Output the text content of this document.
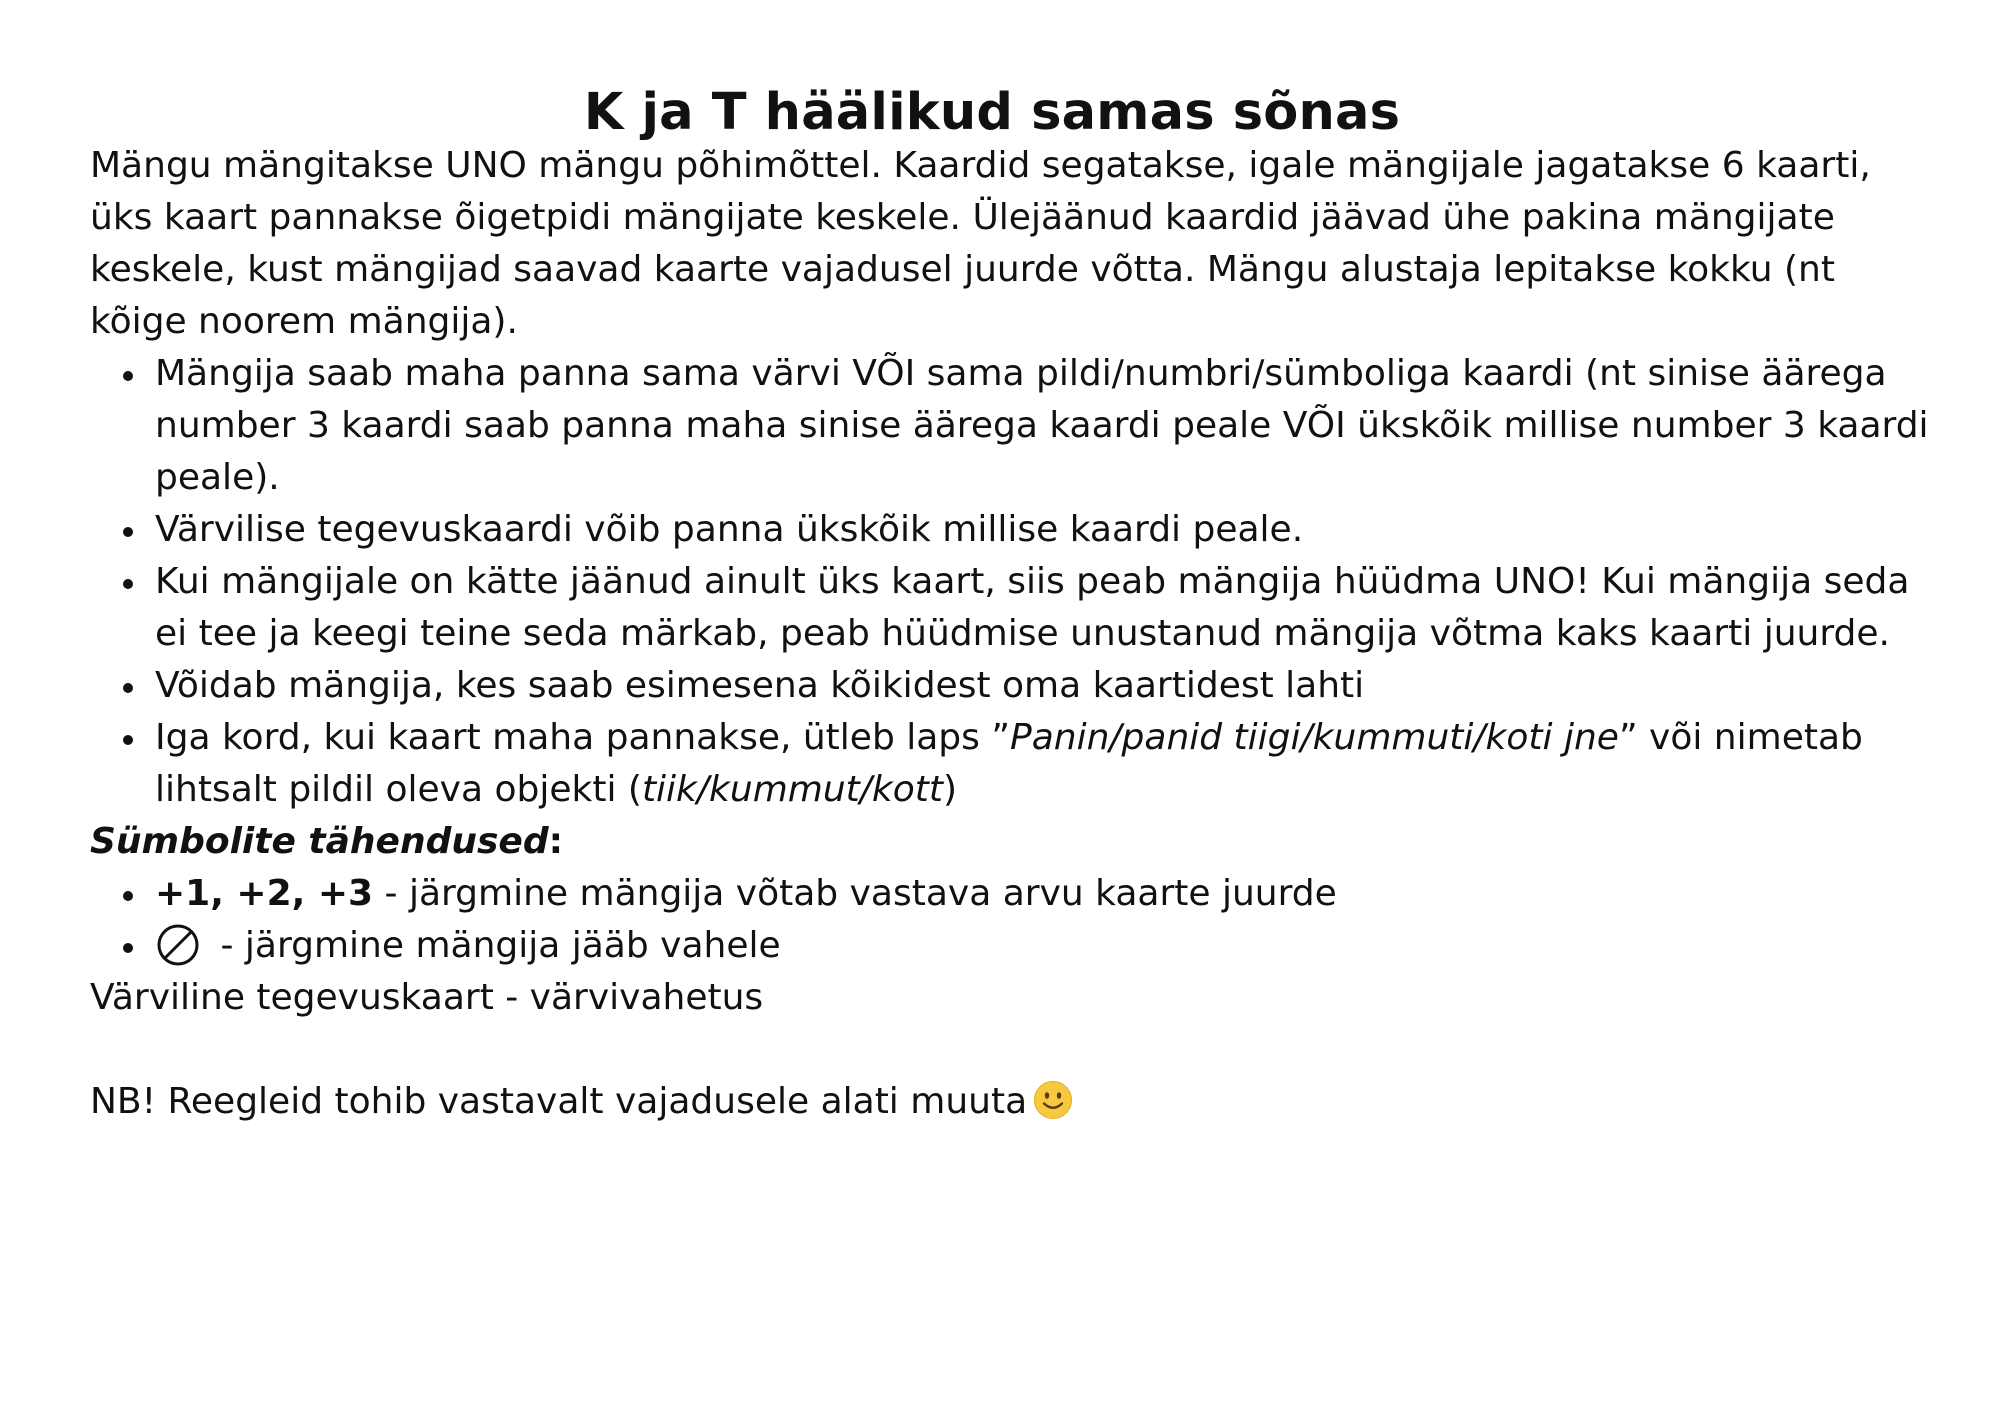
K ja T häälikud samas sõnas

Mängu mängitakse UNO mängu põhimõttel. Kaardid segatakse, igale mängijale jagatakse 6 kaarti, üks kaart pannakse õigetpidi mängijate keskele. Ülejäänud kaardid jäävad ühe pakina mängijate keskele, kust mängijad saavad kaarte vajadusel juurde võtta. Mängu alustaja lepitakse kokku (nt kõige noorem mängija).

Mängija saab maha panna sama värvi VÕI sama pildi/numbri/sümboliga kaardi (nt sinise äärega number 3 kaardi saab panna maha sinise äärega kaardi peale VÕI ükskõik millise number 3 kaardi peale).
Värvilise tegevuskaardi võib panna ükskõik millise kaardi peale.
Kui mängijale on kätte jäänud ainult üks kaart, siis peab mängija hüüdma UNO! Kui mängija seda ei tee ja keegi teine seda märkab, peab hüüdmise unustanud mängija võtma kaks kaarti juurde.
Võidab mängija, kes saab esimesena kõikidest oma kaartidest lahti
Iga kord, kui kaart maha pannakse, ütleb laps ”Panin/panid tiigi/kummuti/koti jne” või nimetab lihtsalt pildil oleva objekti (tiik/kummut/kott)

Sümbolite tähendused:

+1, +2, +3 - järgmine mängija võtab vastava arvu kaarte juurde
- järgmine mängija jääb vahele

Värviline tegevuskaart - värvivahetus

NB! Reegleid tohib vastavalt vajadusele alati muuta
